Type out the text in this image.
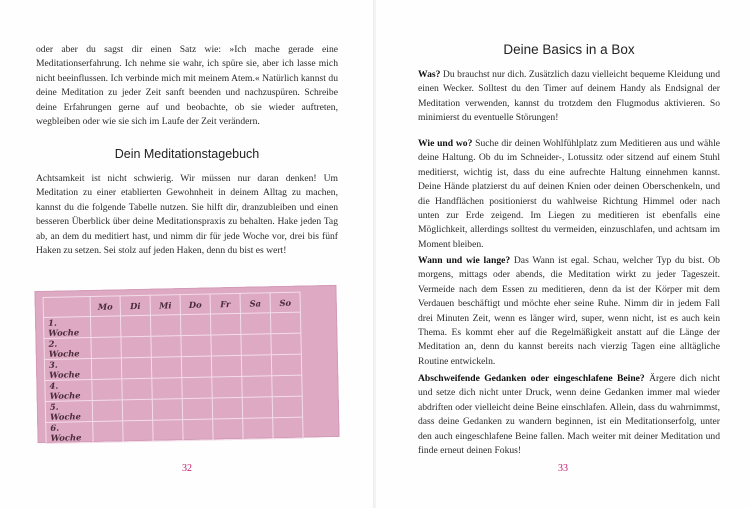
oder aber du sagst dir einen Satz wie: »Ich mache gerade eine Meditationserfahrung. Ich nehme sie wahr, ich spüre sie, aber ich lasse mich nicht beeinflussen. Ich verbinde mich mit meinem Atem.« Natürlich kannst du deine Meditation zu jeder Zeit sanft beenden und nachzuspüren. Schreibe deine Erfahrungen gerne auf und beobachte, ob sie wieder auftreten, wegbleiben oder wie sie sich im Laufe der Zeit verändern.

Dein Meditationstagebuch

Achtsamkeit ist nicht schwierig. Wir müssen nur daran denken! Um Meditation zu einer etablierten Gewohnheit in deinem Alltag zu machen, kannst du die folgende Tabelle nutzen. Sie hilft dir, dranzubleiben und einen besseren Überblick über deine Meditationspraxis zu behalten. Hake jeden Tag ab, an dem du meditiert hast, und nimm dir für jede Woche vor, drei bis fünf Haken zu setzen. Sei stolz auf jeden Haken, denn du bist es wert!

	Mo	Di	Mi	Do	Fr	Sa	So
1. Woche							
2. Woche							
3. Woche							
4. Woche							
5. Woche							
6. Woche							
32
Deine Basics in a Box

Was? Du brauchst nur dich. Zusätzlich dazu vielleicht bequeme Kleidung und einen Wecker. Solltest du den Timer auf deinem Handy als Endsignal der Meditation verwenden, kannst du trotzdem den Flugmodus aktivieren. So minimierst du eventuelle Störungen!

Wie und wo? Suche dir deinen Wohlfühlplatz zum Meditieren aus und wähle deine Haltung. Ob du im Schneider-, Lotussitz oder sitzend auf einem Stuhl meditierst, wichtig ist, dass du eine aufrechte Haltung einnehmen kannst. Deine Hände platzierst du auf deinen Knien oder deinen Oberschenkeln, und die Handflächen positionierst du wahlweise Richtung Himmel oder nach unten zur Erde zeigend. Im Liegen zu meditieren ist ebenfalls eine Möglichkeit, allerdings solltest du vermeiden, einzuschlafen, und achtsam im Moment bleiben.

Wann und wie lange? Das Wann ist egal. Schau, welcher Typ du bist. Ob morgens, mittags oder abends, die Meditation wirkt zu jeder Tageszeit. Vermeide nach dem Essen zu meditieren, denn da ist der Körper mit dem Verdauen beschäftigt und möchte eher seine Ruhe. Nimm dir in jedem Fall drei Minuten Zeit, wenn es länger wird, super, wenn nicht, ist es auch kein Thema. Es kommt eher auf die Regelmäßigkeit anstatt auf die Länge der Meditation an, denn du kannst bereits nach vierzig Tagen eine alltägliche Routine entwickeln.

Abschweifende Gedanken oder eingeschlafene Beine? Ärgere dich nicht und setze dich nicht unter Druck, wenn deine Gedanken immer mal wieder abdriften oder vielleicht deine Beine einschlafen. Allein, dass du wahrnimmst, dass deine Gedanken zu wandern beginnen, ist ein Meditationserfolg, unter den auch eingeschlafene Beine fallen. Mach weiter mit deiner Meditation und finde erneut deinen Fokus!

33
